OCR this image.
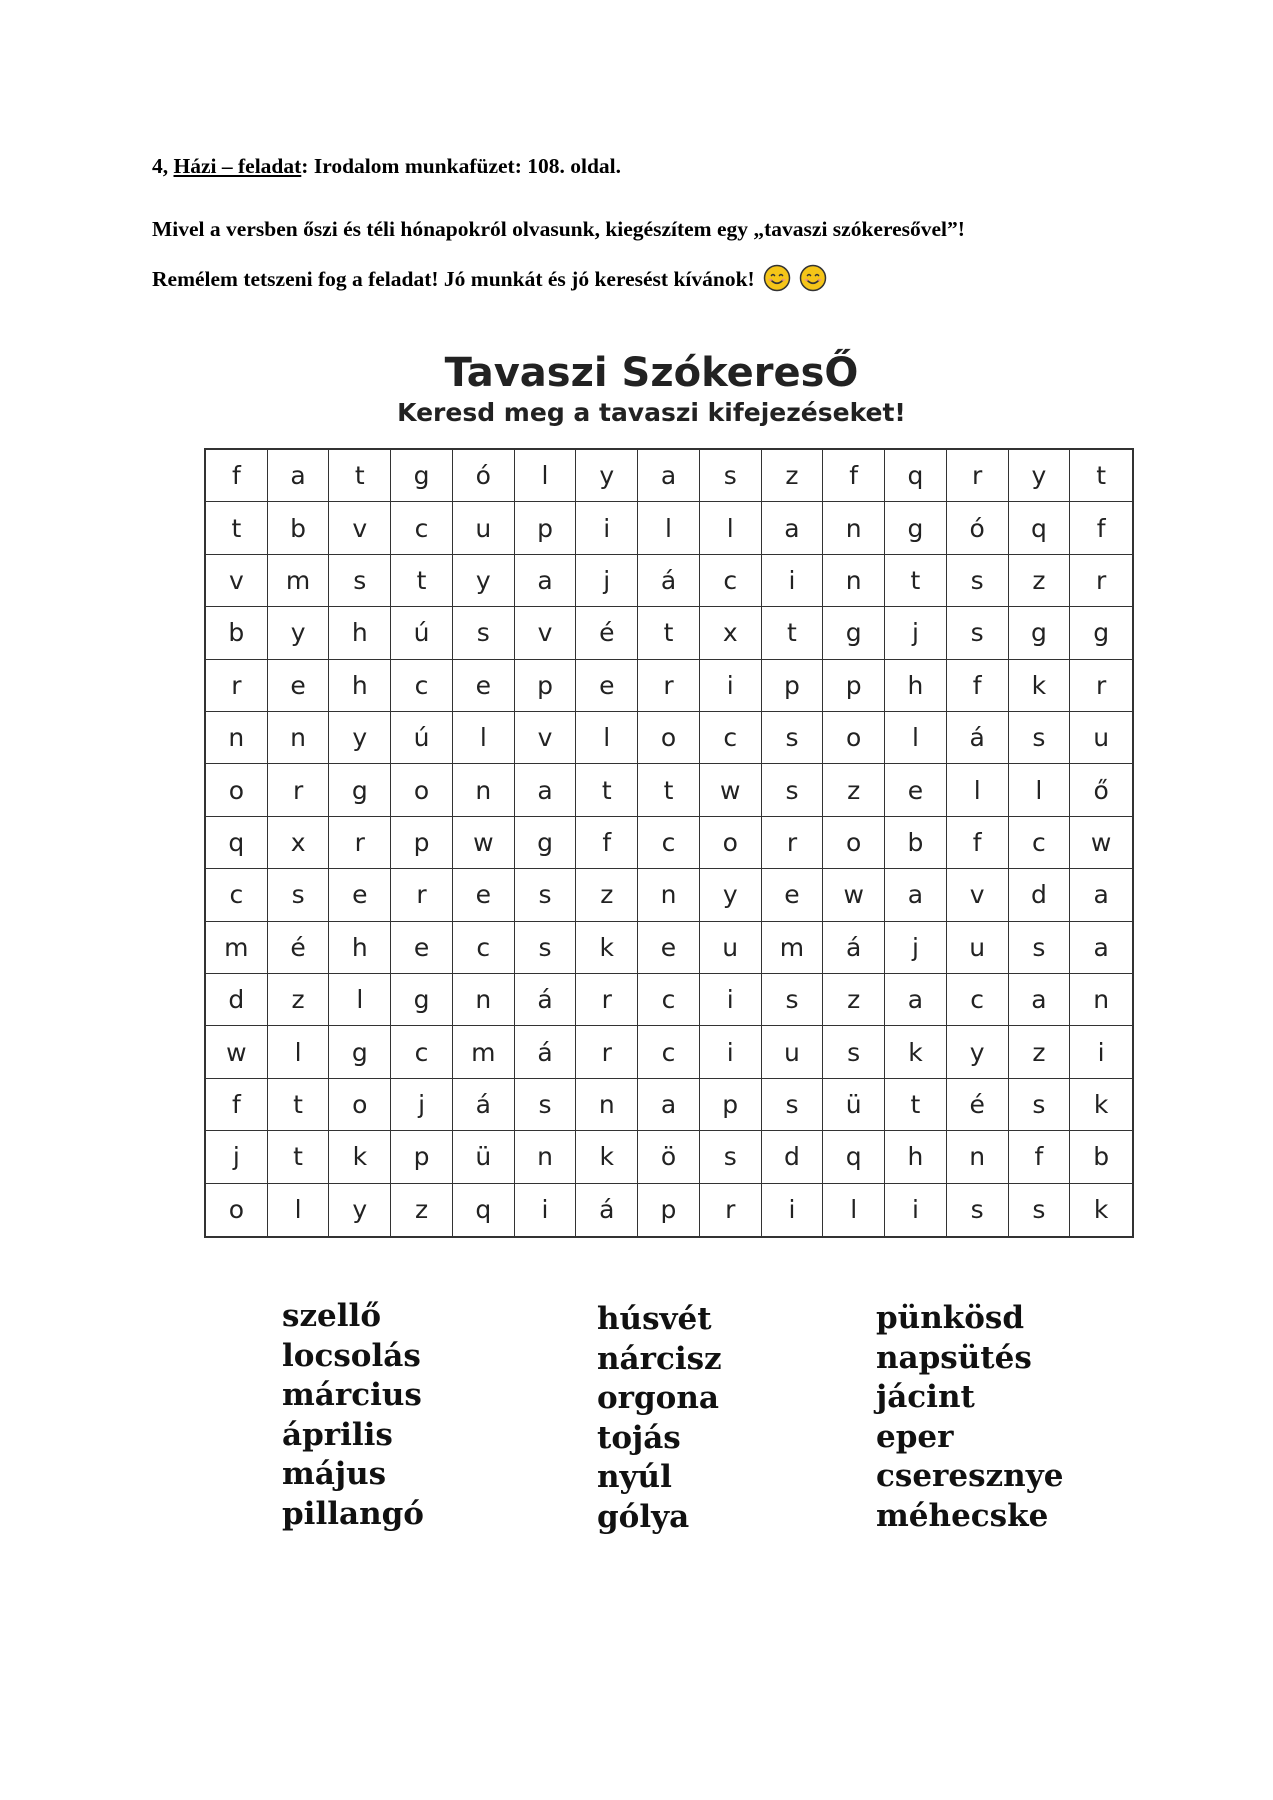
4, Házi – feladat: Irodalom munkafüzet: 108. oldal.
Mivel a versben őszi és téli hónapokról olvasunk, kiegészítem egy „tavaszi szókeresővel”!
Remélem tetszeni fog a feladat! Jó munkát és jó keresést kívánok!
Tavaszi SzókeresŐ
Keresd meg a tavaszi kifejezéseket!
f	a	t	g	ó	l	y	a	s	z	f	q	r	y	t
t	b	v	c	u	p	i	l	l	a	n	g	ó	q	f
v	m	s	t	y	a	j	á	c	i	n	t	s	z	r
b	y	h	ú	s	v	é	t	x	t	g	j	s	g	g
r	e	h	c	e	p	e	r	i	p	p	h	f	k	r
n	n	y	ú	l	v	l	o	c	s	o	l	á	s	u
o	r	g	o	n	a	t	t	w	s	z	e	l	l	ő
q	x	r	p	w	g	f	c	o	r	o	b	f	c	w
c	s	e	r	e	s	z	n	y	e	w	a	v	d	a
m	é	h	e	c	s	k	e	u	m	á	j	u	s	a
d	z	l	g	n	á	r	c	i	s	z	a	c	a	n
w	l	g	c	m	á	r	c	i	u	s	k	y	z	i
f	t	o	j	á	s	n	a	p	s	ü	t	é	s	k
j	t	k	p	ü	n	k	ö	s	d	q	h	n	f	b
o	l	y	z	q	i	á	p	r	i	l	i	s	s	k
szellő
locsolás
március
április
május
pillangó
húsvét
nárcisz
orgona
tojás
nyúl
gólya
pünkösd
napsütés
jácint
eper
cseresznye
méhecske
